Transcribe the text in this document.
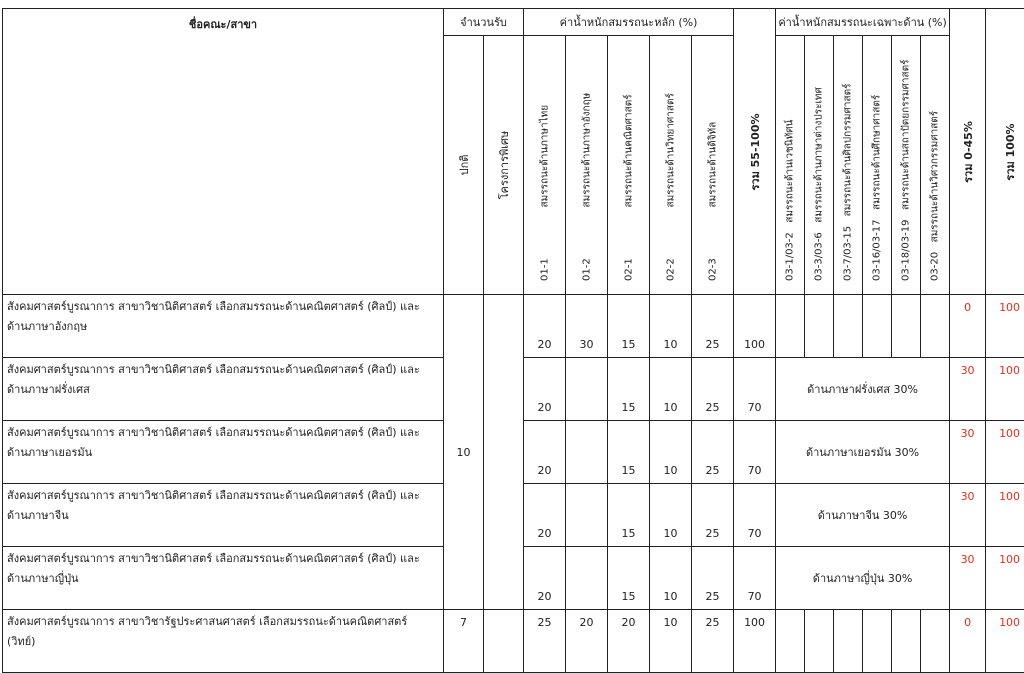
ชื่อคณะ/สาขา	จำนวนรับ		ค่าน้ำหนักสมรรถนะหลัก (%)					รวม 55-100%	ค่าน้ำหนักสมรรถนะเฉพาะด้าน (%)						รวม 0-45%	รวม 100%

	ปกติ	โครงการพิเศษ	01-1                สมรรถนะด้านภาษาไทย	01-2                สมรรถนะด้านภาษาอังกฤษ	02-1                สมรรถนะด้านคณิตศาสตร์	02-2                สมรรถนะด้านวิทยาศาสตร์	02-3                สมรรถนะด้านดิจิทัล		03-1/03-2   สมรรถนะด้านเวชนิทัศน์	03-3/03-6   สมรรถนะด้านภาษาต่างประเทศ	03-7/03-15   สมรรถนะด้านศิลปกรรมศาสตร์	03-16/03-17   สมรรถนะด้านศึกษาศาสตร์	03-18/03-19   สมรรถนะด้านสถาปัตยกรรมศาสตร์	03-20   สมรรถนะด้านวิศวกรรมศาสตร์		

สังคมศาสตร์บูรณาการ สาขาวิชานิติศาสตร์ เลือกสมรรถนะด้านคณิตศาสตร์ (ศิลป์) และด้านภาษาอังกฤษ	10		20	30	15	10	25	100							0	100
สังคมศาสตร์บูรณาการ สาขาวิชานิติศาสตร์ เลือกสมรรถนะด้านคณิตศาสตร์ (ศิลป์) และด้านภาษาฝรั่งเศส			20		15	10	25	70	ด้านภาษาฝรั่งเศส 30%						30	100
สังคมศาสตร์บูรณาการ สาขาวิชานิติศาสตร์ เลือกสมรรถนะด้านคณิตศาสตร์ (ศิลป์) และด้านภาษาเยอรมัน			20		15	10	25	70	ด้านภาษาเยอรมัน 30%						30	100
สังคมศาสตร์บูรณาการ สาขาวิชานิติศาสตร์ เลือกสมรรถนะด้านคณิตศาสตร์ (ศิลป์) และด้านภาษาจีน			20		15	10	25	70	ด้านภาษาจีน 30%						30	100
สังคมศาสตร์บูรณาการ สาขาวิชานิติศาสตร์ เลือกสมรรถนะด้านคณิตศาสตร์ (ศิลป์) และด้านภาษาญี่ปุ่น			20		15	10	25	70	ด้านภาษาญี่ปุ่น 30%						30	100
สังคมศาสตร์บูรณาการ สาขาวิชารัฐประศาสนศาสตร์ เลือกสมรรถนะด้านคณิตศาสตร์ (วิทย์)	7		25	20	20	10	25	100							0	100
